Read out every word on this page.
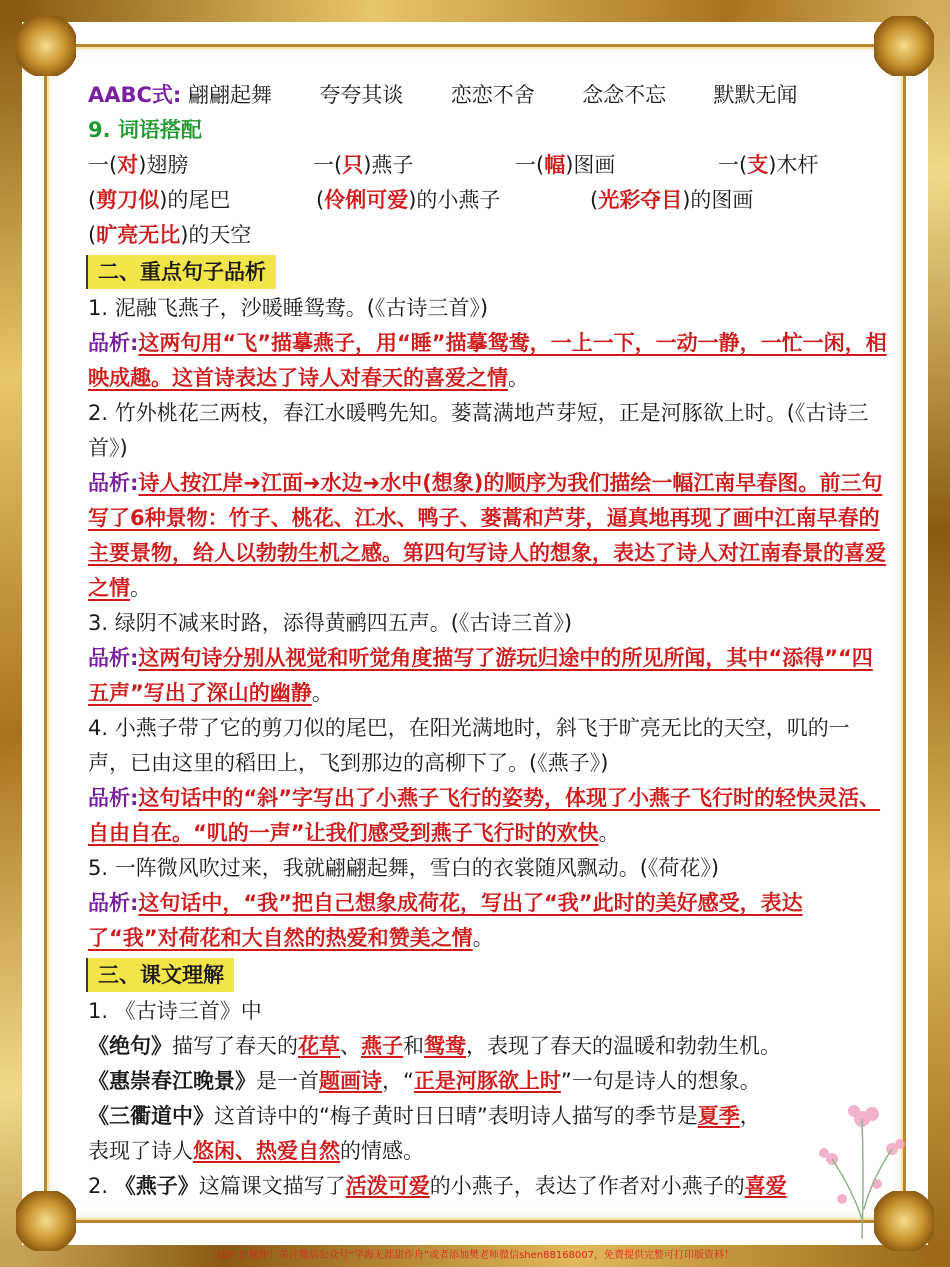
AABC式: 翩翩起舞 夸夸其谈 恋恋不舍 念念不忘 默默无闻
9. 词语搭配
一(对)翅膀	一(只)燕子	一(幅)图画	一(支)木杆
(剪刀似)的尾巴	(伶俐可爱)的小燕子	(光彩夺目)的图画
(旷亮无比)的天空
二、重点句子品析
1. 泥融飞燕子，沙暖睡鸳鸯。(《古诗三首》)
品析:这两句用“飞”描摹燕子，用“睡”描摹鸳鸯，一上一下，一动一静，一忙一闲，相映成趣。这首诗表达了诗人对春天的喜爱之情。
2. 竹外桃花三两枝，春江水暖鸭先知。蒌蒿满地芦芽短，正是河豚欲上时。(《古诗三首》)
品析:诗人按江岸➜江面➜水边➜水中(想象)的顺序为我们描绘一幅江南早春图。前三句写了6种景物：竹子、桃花、江水、鸭子、蒌蒿和芦芽，逼真地再现了画中江南早春的主要景物，给人以勃勃生机之感。第四句写诗人的想象，表达了诗人对江南春景的喜爱之情。
3. 绿阴不减来时路，添得黄鹂四五声。(《古诗三首》)
品析:这两句诗分别从视觉和听觉角度描写了游玩归途中的所见所闻，其中“添得”“四五声”写出了深山的幽静。
4. 小燕子带了它的剪刀似的尾巴，在阳光满地时，斜飞于旷亮无比的天空，叽的一声，已由这里的稻田上，飞到那边的高柳下了。(《燕子》)
品析:这句话中的“斜”字写出了小燕子飞行的姿势，体现了小燕子飞行时的轻快灵活、自由自在。“叽的一声”让我们感受到燕子飞行时的欢快。
5. 一阵微风吹过来，我就翩翩起舞，雪白的衣裳随风飘动。(《荷花》)
品析:这句话中，“我”把自己想象成荷花，写出了“我”此时的美好感受，表达了“我”对荷花和大自然的热爱和赞美之情。
三、课文理解
1. 《古诗三首》中
《绝句》描写了春天的花草、燕子和鸳鸯，表现了春天的温暖和勃勃生机。
《惠崇春江晚景》是一首题画诗，“正是河豚欲上时”一句是诗人的想象。
《三衢道中》这首诗中的“梅子黄时日日晴”表明诗人描写的季节是夏季，
表现了诗人悠闲、热爱自然的情感。
2. 《燕子》这篇课文描写了活泼可爱的小燕子，表达了作者对小燕子的喜爱
10秒钟操作！关注微信公众号“学海无涯甜作舟”或者添加樊老师微信shen88168007，免费提供完整可打印版资料！
